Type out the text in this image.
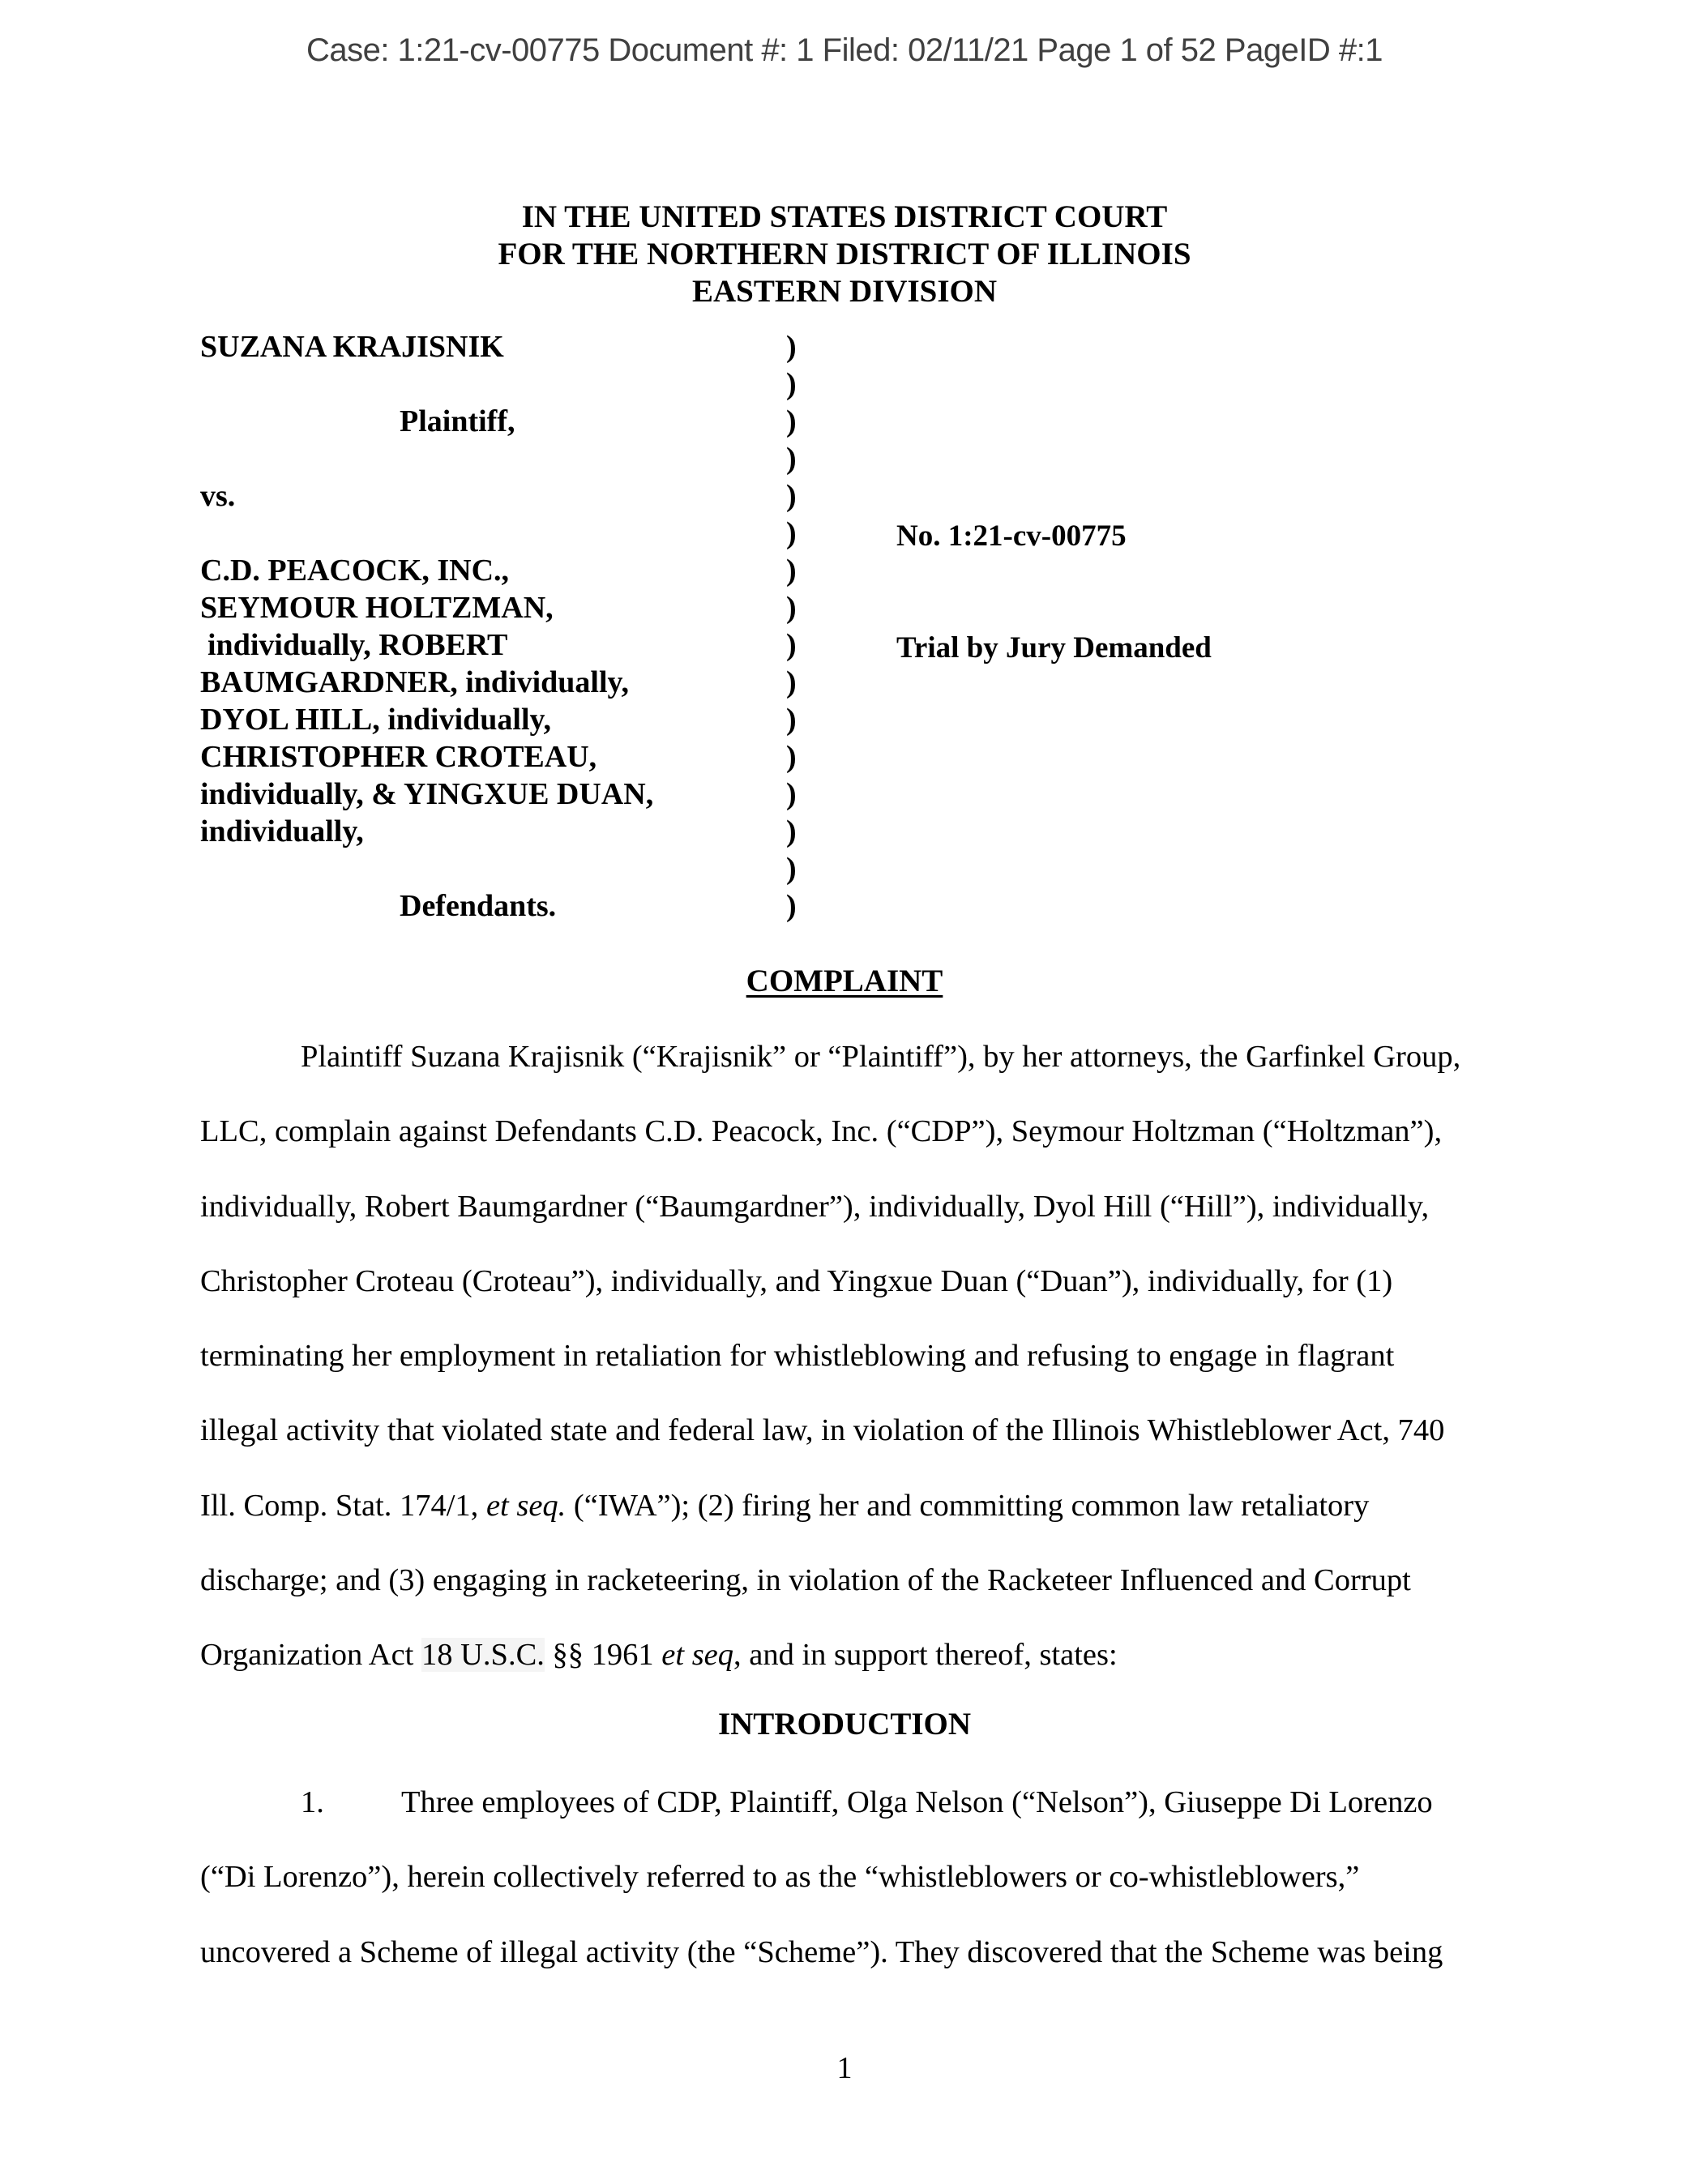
Case: 1:21-cv-00775 Document #: 1 Filed: 02/11/21 Page 1 of 52 PageID #:1
IN THE UNITED STATES DISTRICT COURT
FOR THE NORTHERN DISTRICT OF ILLINOIS
EASTERN DIVISION
SUZANA KRAJISNIK
Plaintiff,
vs.
C.D. PEACOCK, INC.,
SEYMOUR HOLTZMAN,
individually, ROBERT
BAUMGARDNER, individually,
DYOL HILL, individually,
CHRISTOPHER CROTEAU,
individually, & YINGXUE DUAN,
individually,
Defendants.
)
)
)
)
)
)
)
)
)
)
)
)
)
)
)
)
No. 1:21-cv-00775
Trial by Jury Demanded
COMPLAINT
Plaintiff Suzana Krajisnik (“Krajisnik” or “Plaintiff”), by her attorneys, the Garfinkel Group,
LLC, complain against Defendants C.D. Peacock, Inc. (“CDP”), Seymour Holtzman (“Holtzman”),
individually, Robert Baumgardner (“Baumgardner”), individually, Dyol Hill (“Hill”), individually,
Christopher Croteau (Croteau”), individually, and Yingxue Duan (“Duan”), individually, for (1)
terminating her employment in retaliation for whistleblowing and refusing to engage in flagrant
illegal activity that violated state and federal law, in violation of the Illinois Whistleblower Act, 740
Ill. Comp. Stat. 174/1, et seq. (“IWA”); (2) firing her and committing common law retaliatory
discharge; and (3) engaging in racketeering, in violation of the Racketeer Influenced and Corrupt
Organization Act 18 U.S.C. §§ 1961 et seq, and in support thereof, states:
INTRODUCTION
1. Three employees of CDP, Plaintiff, Olga Nelson (“Nelson”), Giuseppe Di Lorenzo
(“Di Lorenzo”), herein collectively referred to as the “whistleblowers or co-whistleblowers,”
uncovered a Scheme of illegal activity (the “Scheme”). They discovered that the Scheme was being
1
